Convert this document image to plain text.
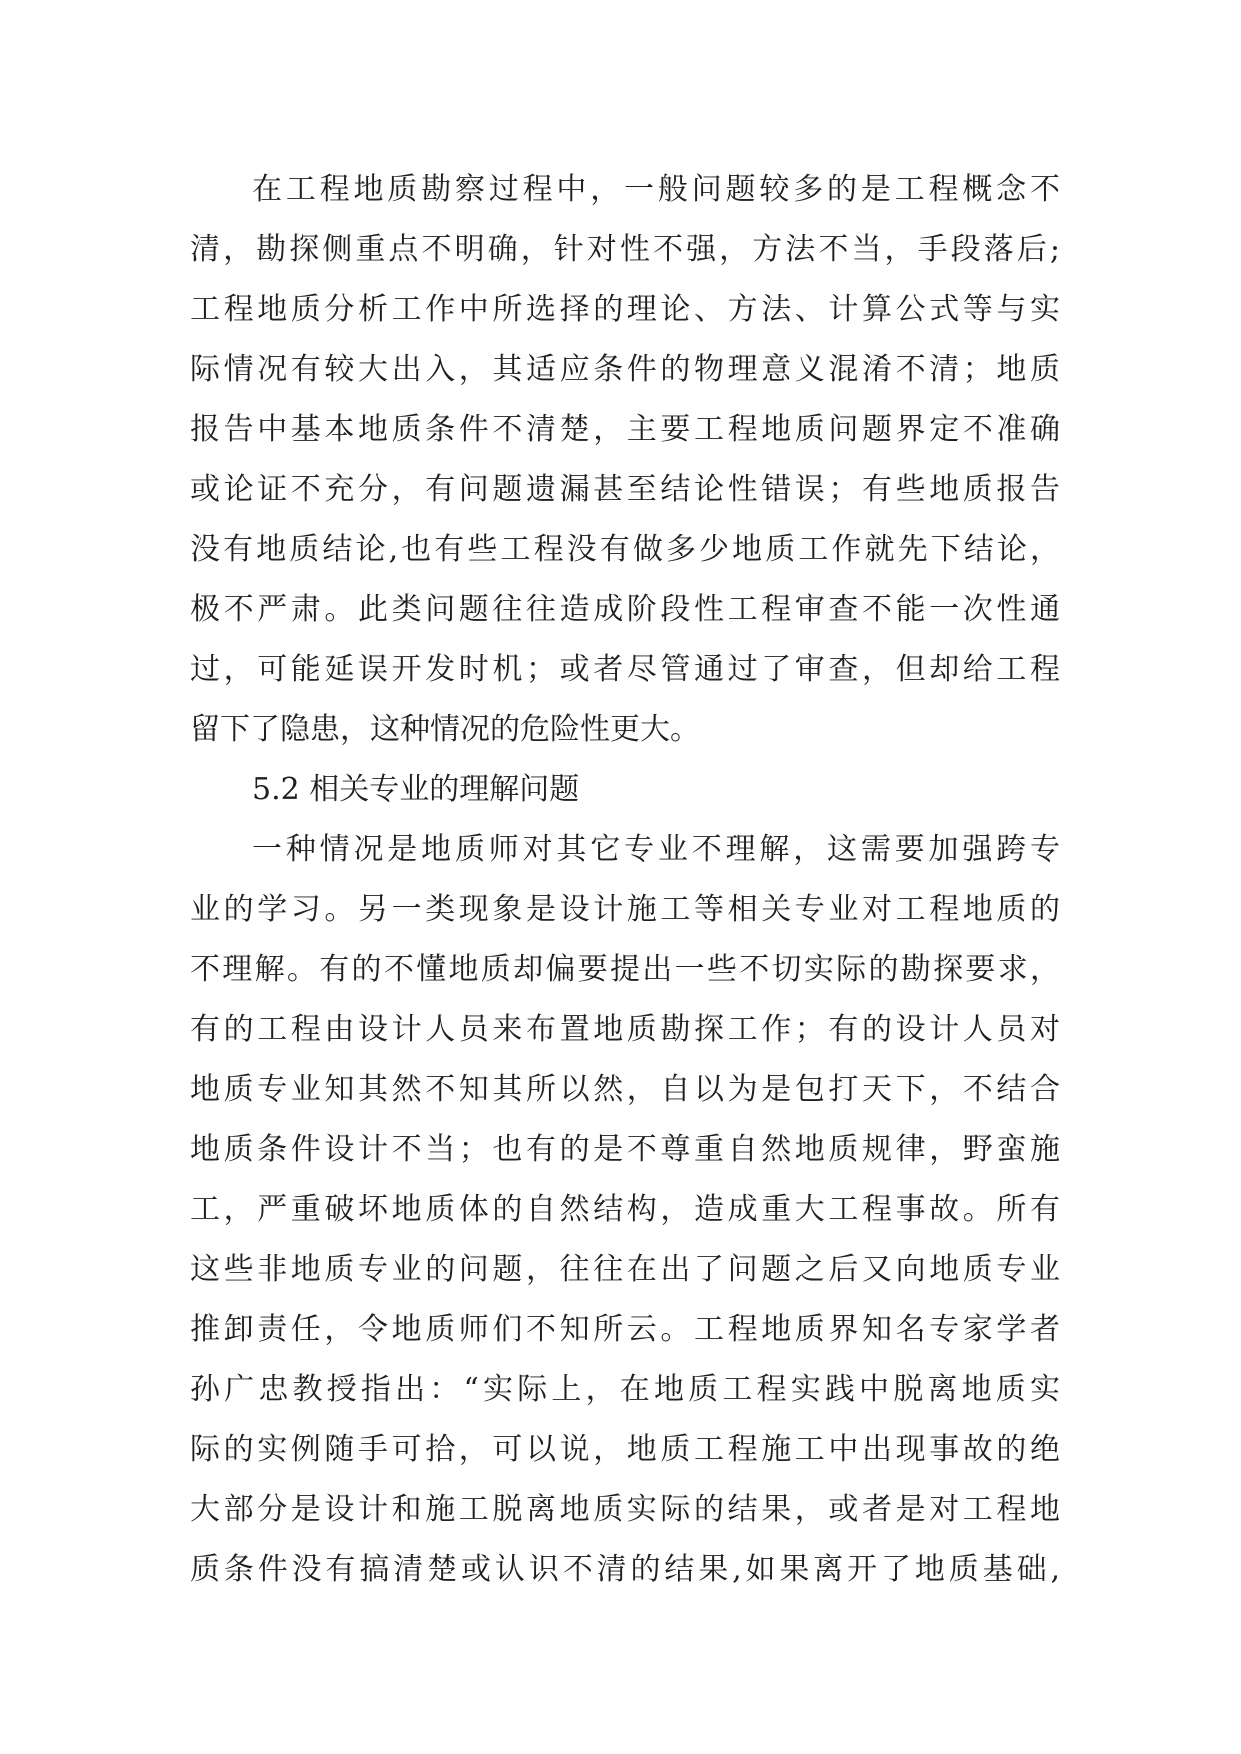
在工程地质勘察过程中，一般问题较多的是工程概念不
清，勘探侧重点不明确，针对性不强，方法不当，手段落后;
工程地质分析工作中所选择的理论、方法、计算公式等与实
际情况有较大出入，其适应条件的物理意义混淆不清；地质
报告中基本地质条件不清楚，主要工程地质问题界定不准确
或论证不充分，有问题遗漏甚至结论性错误；有些地质报告
没有地质结论,也有些工程没有做多少地质工作就先下结论，
极不严肃。此类问题往往造成阶段性工程审查不能一次性通
过，可能延误开发时机；或者尽管通过了审查，但却给工程
留下了隐患，这种情况的危险性更大。
5.2 相关专业的理解问题
一种情况是地质师对其它专业不理解，这需要加强跨专
业的学习。另一类现象是设计施工等相关专业对工程地质的
不理解。有的不懂地质却偏要提出一些不切实际的勘探要求，
有的工程由设计人员来布置地质勘探工作；有的设计人员对
地质专业知其然不知其所以然，自以为是包打天下，不结合
地质条件设计不当；也有的是不尊重自然地质规律，野蛮施
工，严重破坏地质体的自然结构，造成重大工程事故。所有
这些非地质专业的问题，往往在出了问题之后又向地质专业
推卸责任，令地质师们不知所云。工程地质界知名专家学者
孙广忠教授指出：“实际上，在地质工程实践中脱离地质实
际的实例随手可拾，可以说，地质工程施工中出现事故的绝
大部分是设计和施工脱离地质实际的结果，或者是对工程地
质条件没有搞清楚或认识不清的结果,如果离开了地质基础,
